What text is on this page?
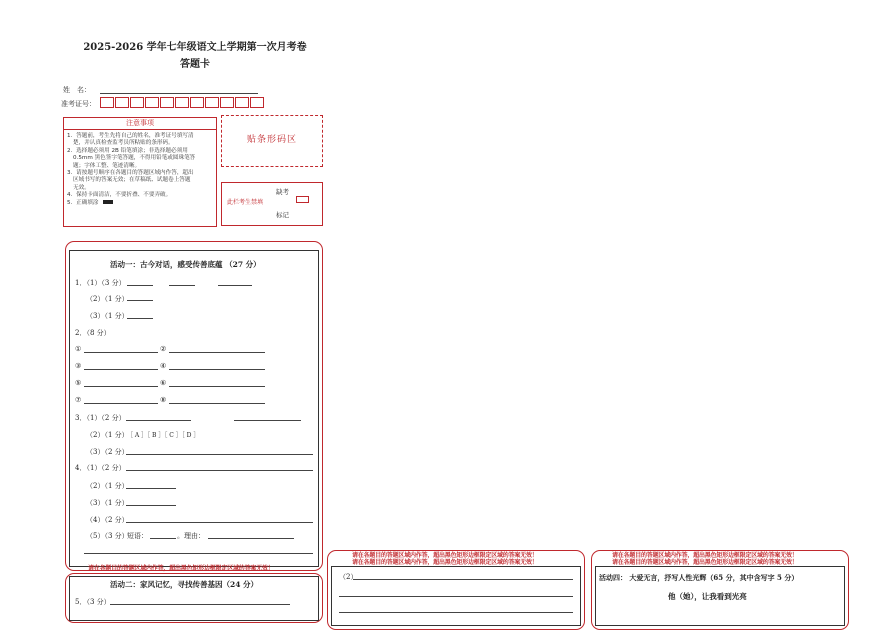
2025-2026 学年七年级语文上学期第一次月考卷
答题卡
姓　名：
准考证号：
注意事项
1．答题前，考生先将自己的姓名，准考证号填写清
楚，并认真检查监考员所粘贴的条形码。
2．选择题必须用 2B 铅笔填涂；非选择题必须用
0.5mm 黑色签字笔答题，不得用铅笔或圆珠笔答
题；字体工整、笔迹清晰。
3．请按题号顺序在各题目的答题区域内作答，超出
区域书写的答案无效；在草稿纸、试题卷上答题
无效。
4．保持卡面清洁，不要折叠、不要弄破。
5．正确填涂
贴条形码区
此栏考生禁填
缺考
标记
活动一：古今对话，感受传善底蕴 （27 分）
1．（1）（3 分）
（2）（1 分）
（3）（1 分）
2．（8 分）
①	②
③	④
⑤	⑥
⑦	⑧
3．（1）（2 分）
（2）（1 分）
［ A ］［ B ］［ C ］［ D ］
（3）（2 分）
4．（1）（2 分）
（2）（1 分）
（3）（1 分）
（4）（2 分）
（5）（3 分）
短语：	。理由：
请在各题目的答题区域内作答，超出黑色矩形边框限定区域的答案无效！
活动二：家风记忆，寻找传善基因（24 分）
5．（3 分）
请在各题目的答题区域内作答，超出黑色矩形边框限定区域的答案无效！
请在各题目的答题区域内作答，超出黑色矩形边框限定区域的答案无效！
（2）
请在各题目的答题区域内作答，超出黑色矩形边框限定区域的答案无效！
请在各题目的答题区域内作答，超出黑色矩形边框限定区域的答案无效！
活动四： 大爱无言，抒写人性光辉（65 分，其中含写字 5 分）
他（她），让我看到光亮
